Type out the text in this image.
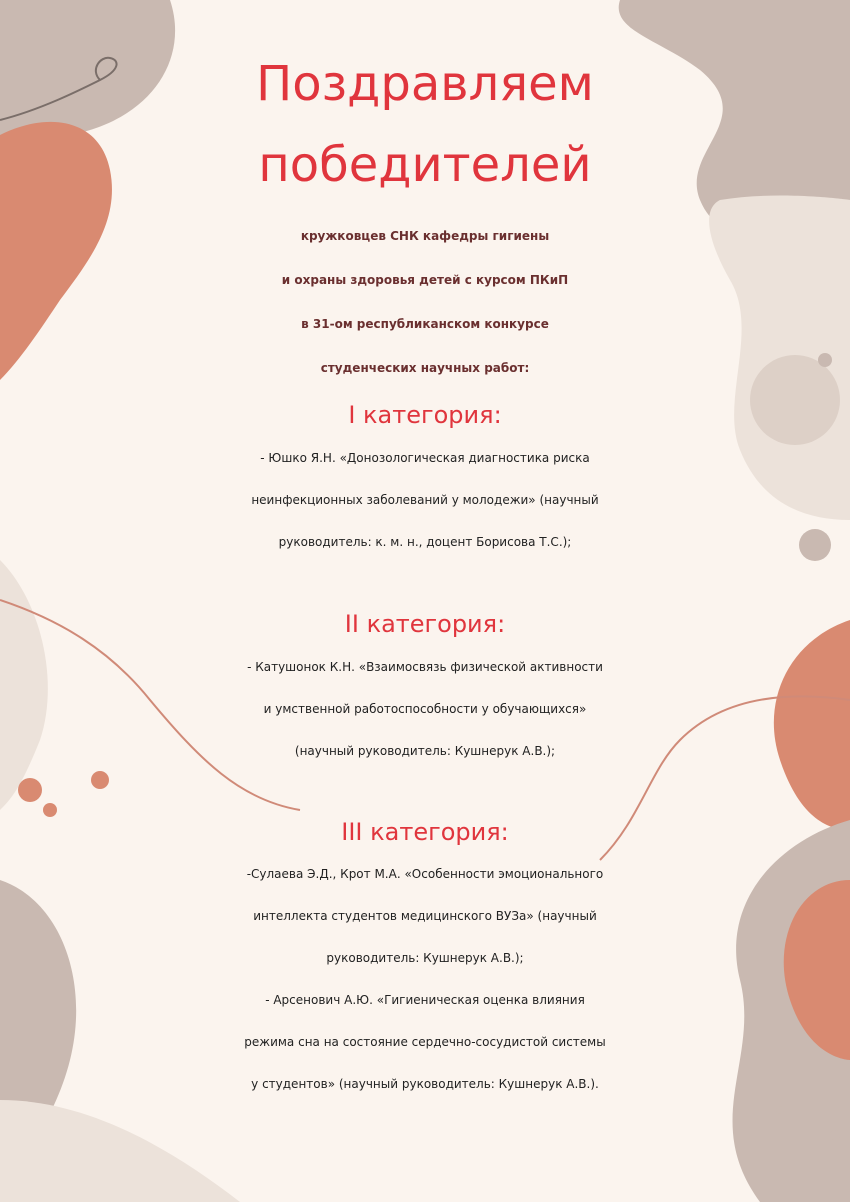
Поздравляем
победителей
кружковцев СНК кафедры гигиены
и охраны здоровья детей с курсом ПКиП
в 31-ом республиканском конкурсе
студенческих научных работ:
I категория:
- Юшко Я.Н. «Донозологическая диагностика риска
неинфекционных заболеваний у молодежи» (научный
руководитель: к. м. н., доцент Борисова Т.С.);
II категория:
- Катушонок К.Н. «Взаимосвязь физической активности
и умственной работоспособности у обучающихся»
(научный руководитель: Кушнерук А.В.);
III категория:
-Сулаева Э.Д., Крот М.А. «Особенности эмоционального
интеллекта студентов медицинского ВУЗа» (научный
руководитель: Кушнерук А.В.);
- Арсенович А.Ю. «Гигиеническая оценка влияния
режима сна на состояние сердечно-сосудистой системы
у студентов» (научный руководитель: Кушнерук А.В.).
